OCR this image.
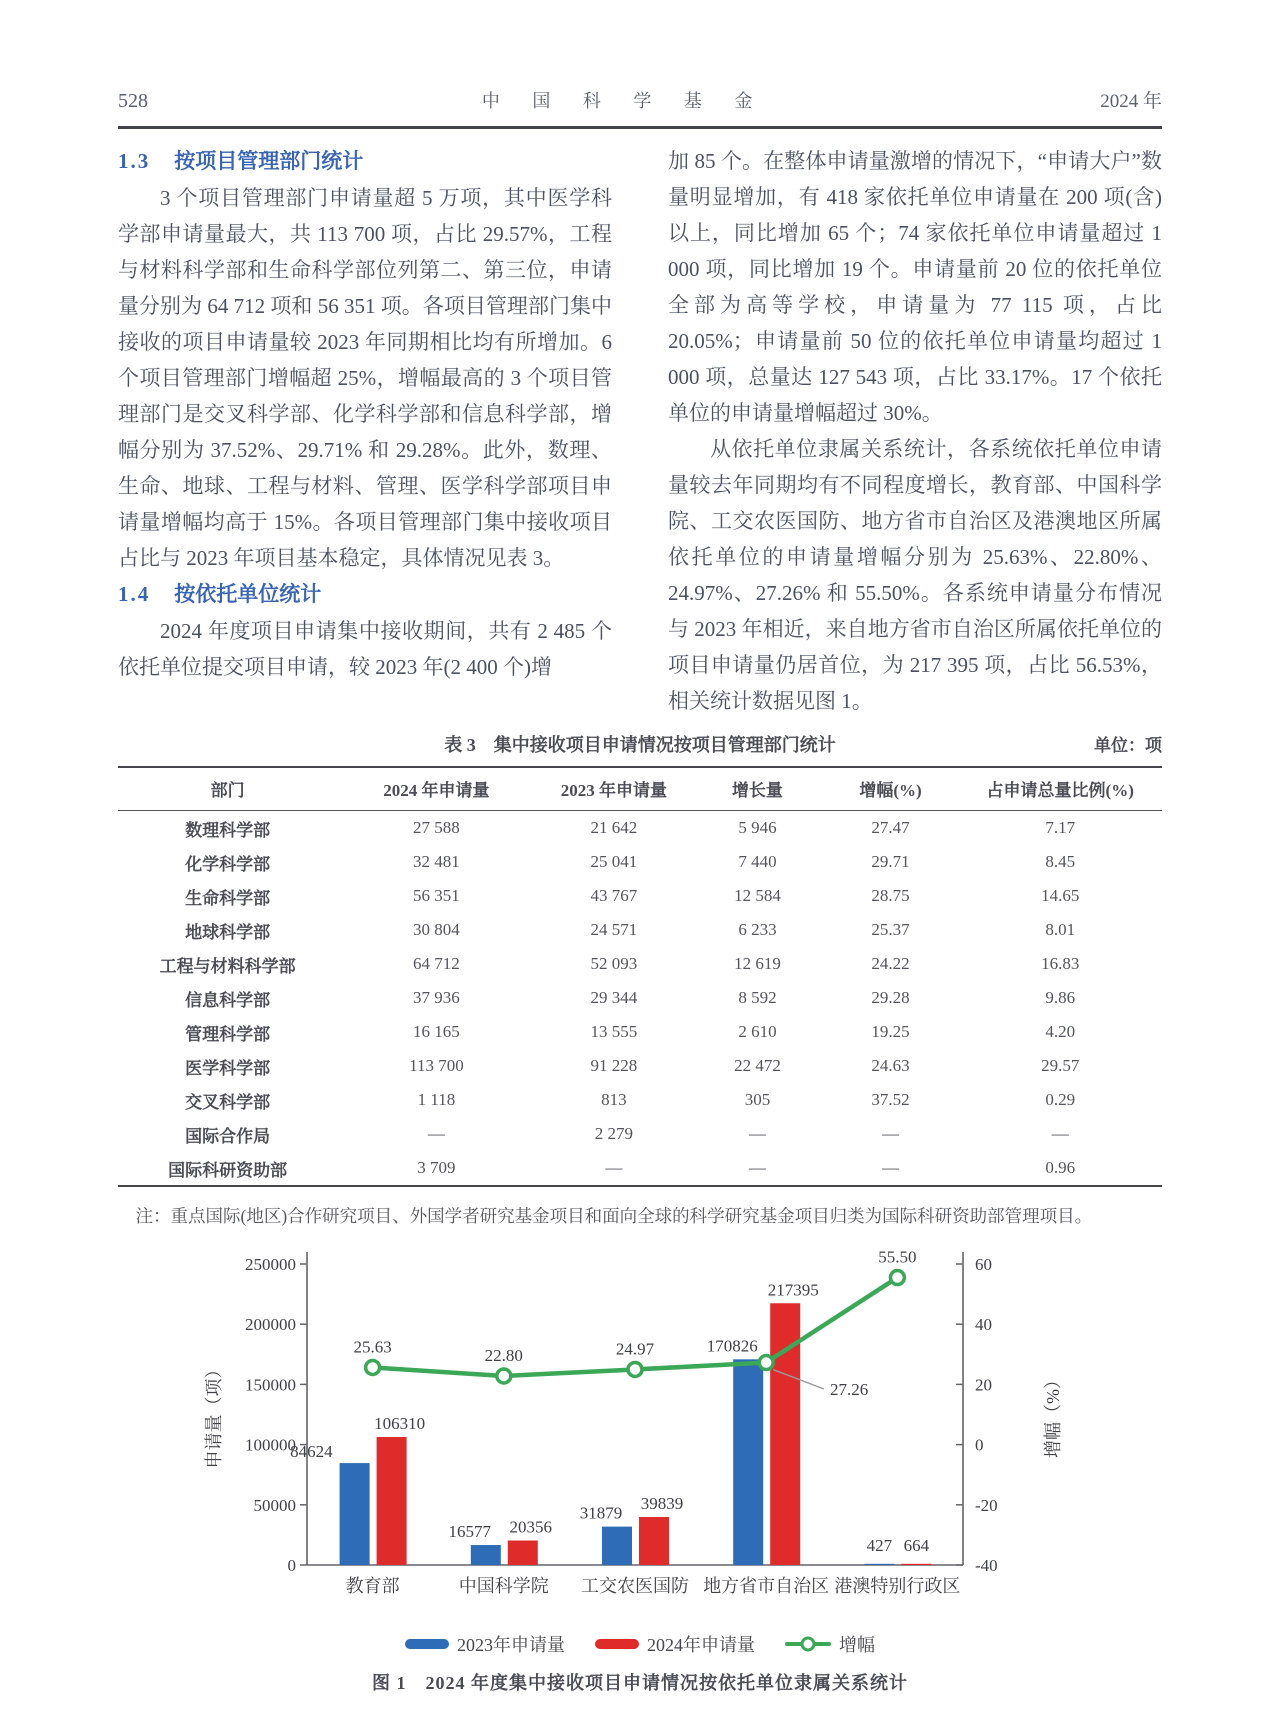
528	中 国 科 学 基 金	2024 年
1.3 按项目管理部门统计

3 个项目管理部门申请量超 5 万项，其中医学科学部申请量最大，共 113 700 项，占比 29.57%，工程与材料科学部和生命科学部位列第二、第三位，申请量分别为 64 712 项和 56 351 项。各项目管理部门集中接收的项目申请量较 2023 年同期相比均有所增加。6 个项目管理部门增幅超 25%，增幅最高的 3 个项目管理部门是交叉科学部、化学科学部和信息科学部，增幅分别为 37.52%、29.71% 和 29.28%。此外，数理、生命、地球、工程与材料、管理、医学科学部项目申请量增幅均高于 15%。各项目管理部门集中接收项目占比与 2023 年项目基本稳定，具体情况见表 3。

1.4 按依托单位统计

2024 年度项目申请集中接收期间，共有 2 485 个依托单位提交项目申请，较 2023 年(2 400 个)增

加 85 个。在整体申请量激增的情况下，“申请大户”数量明显增加，有 418 家依托单位申请量在 200 项(含)以上，同比增加 65 个；74 家依托单位申请量超过 1 000 项，同比增加 19 个。申请量前 20 位的依托单位全部为高等学校，申请量为 77 115 项，占比 20.05%；申请量前 50 位的依托单位申请量均超过 1 000 项，总量达 127 543 项，占比 33.17%。17 个依托单位的申请量增幅超过 30%。

从依托单位隶属关系统计，各系统依托单位申请量较去年同期均有不同程度增长，教育部、中国科学院、工交农医国防、地方省市自治区及港澳地区所属依托单位的申请量增幅分别为 25.63%、22.80%、24.97%、27.26% 和 55.50%。各系统申请量分布情况与 2023 年相近，来自地方省市自治区所属依托单位的项目申请量仍居首位，为 217 395 项，占比 56.53%，相关统计数据见图 1。

表 3　集中接收项目申请情况按项目管理部门统计	单位：项
部门	2024 年申请量	2023 年申请量	增长量	增幅(%)	占申请总量比例(%)
数理科学部	27 588	21 642	5 946	27.47	7.17
化学科学部	32 481	25 041	7 440	29.71	8.45
生命科学部	56 351	43 767	12 584	28.75	14.65
地球科学部	30 804	24 571	6 233	25.37	8.01
工程与材料科学部	64 712	52 093	12 619	24.22	16.83
信息科学部	37 936	29 344	8 592	29.28	9.86
管理科学部	16 165	13 555	2 610	19.25	4.20
医学科学部	113 700	91 228	22 472	24.63	29.57
交叉科学部	1 118	813	305	37.52	0.29
国际合作局	—	2 279	—	—	—
国际科研资助部	3 709	—	—	—	0.96
注：重点国际(地区)合作研究项目、外国学者研究基金项目和面向全球的科学研究基金项目归类为国际科研资助部管理项目。
0
50000
100000
150000
200000
250000
-40
-20
0
20
40
60
申请量（项）	增幅（%）
84624
16577
31879
170826
427
106310
20356
39839
217395
664
25.63	22.80	24.97
27.26
55.50
教育部	中国科学院 工交农医国防 地方省市自治区 港澳特别行政区
2023年申请量	2024年申请量	增幅
图 1　2024 年度集中接收项目申请情况按依托单位隶属关系统计
